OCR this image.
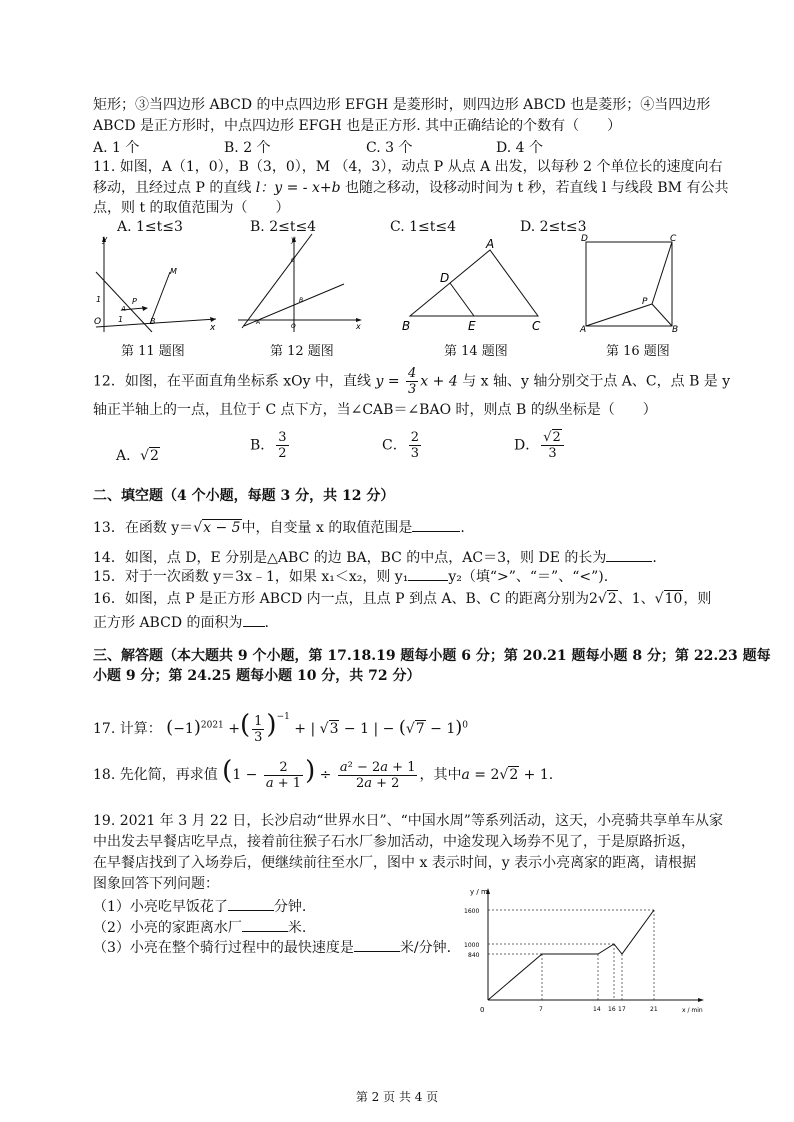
矩形；③当四边形 ABCD 的中点四边形 EFGH 是菱形时，则四边形 ABCD 也是菱形；④当四边形
ABCD 是正方形时，中点四边形 EFGH 也是正方形. 其中正确结论的个数有（　　）
A. 1 个	B. 2 个	C. 3 个	D. 4 个
11. 如图，A（1，0），B（3，0），M （4，3），动点 P 从点 A 出发，以每秒 2 个单位长的速度向右
移动，且经过点 P 的直线 l：y = - x+b 也随之移动，设移动时间为 t 秒，若直线 l 与线段 BM 有公共
点，则 t 的取值范围为（　　）
A. 1≤t≤3	B. 2≤t≤4	C. 1≤t≤4	D. 2≤t≤3
y
x
O
1
1
A
B
P
M
第 11 题图
y
x
C
B
A
O
第 12 题图
A
B	C
D
E
第 14 题图
A	B
C
D
P
第 16 题图
12．如图，在平面直角坐标系 xOy 中，直线 $y = \frac{4}{3}$ x + 4 与 x 轴、y 轴分别交于点 A、C，点 B 是 y
轴正半轴上的一点，且位于 C 点下方，当∠CAB＝∠BAO 时，则点 B 的纵坐标是（　　）
A．√2
B． $\frac{3}{2}$	C． $\frac{2}{3}$	D． $\frac{√2}{3}$
二、填空题（4 个小题，每题 3 分，共 12 分）
13．在函数 y＝√x − 5中，自变量 x 的取值范围是	.
14．如图，点 D，E 分别是△ABC 的边 BA，BC 的中点，AC＝3，则 DE 的长为	.
15．对于一次函数 y＝3x﹣1，如果 x₁＜x₂，则 y₁	y₂（填“>”、“＝”、“<”).
16．如图，点 P 是正方形 ABCD 内一点，且点 P 到点 A、B、C 的距离分别为2√2、1、√10，则
正方形 ABCD 的面积为 .
三、解答题（本大题共 9 个小题，第 17.18.19 题每小题 6 分；第 20.21 题每小题 8 分；第 22.23 题每
小题 9 分；第 24.25 题每小题 10 分，共 72 分）
17. 计算： $(-1)^{2021}$ +( $\frac{1}{3} )^{-1}$ + | √3 − 1 | − $(√7 - 1)^0$
18. 先化简，再求值 ($1 - \frac{2}{a + 1}$ ) ÷ $\frac{\text{a² − 2a + 1}}{2a + 2}$ ，其中a = 2√2 + 1.
19. 2021 年 3 月 22 日，长沙启动“世界水日”、“中国水周”等系列活动，这天，小亮骑共享单车从家
中出发去早餐店吃早点，接着前往猴子石水厂参加活动，中途发现入场券不见了，于是原路折返，
在早餐店找到了入场券后，便继续前往至水厂，图中 x 表示时间，y 表示小亮离家的距离，请根据
图象回答下列问题：
（1）小亮吃早饭花了	分钟.
（2）小亮的家距离水厂	米.
（3）小亮在整个骑行过程中的最快速度是	米/分钟.
y / m
x / min
0
1600
1000
840
7	14 16 17	21
第 2 页 共 4 页
